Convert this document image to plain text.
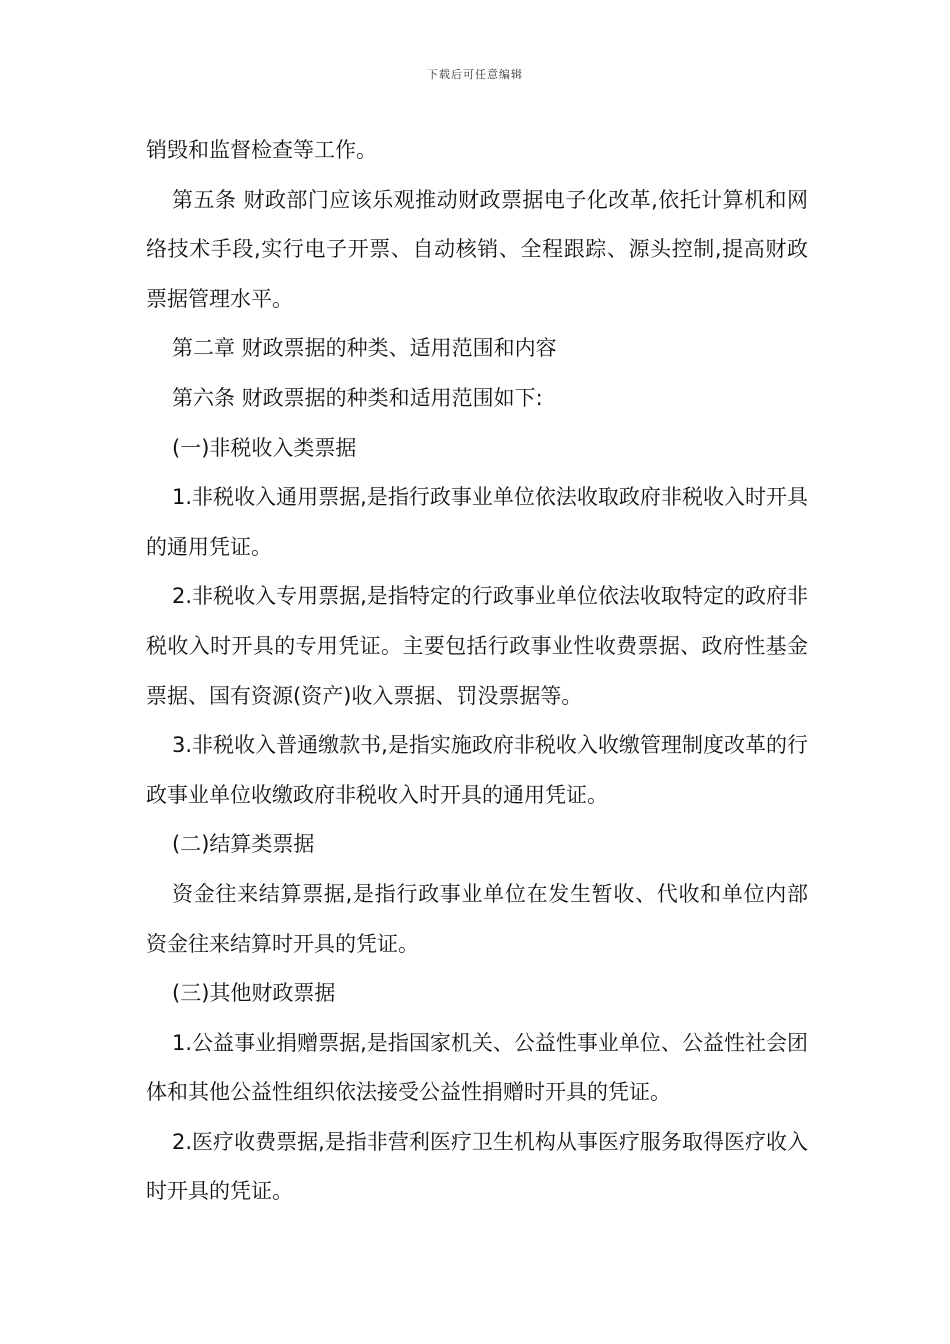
下载后可任意编辑

销毁和监督检查等工作。

第五条 财政部门应该乐观推动财政票据电子化改革,依托计算机和网络技术手段,实行电子开票、自动核销、全程跟踪、源头控制,提高财政票据管理水平。

第二章 财政票据的种类、适用范围和内容

第六条 财政票据的种类和适用范围如下:

(一)非税收入类票据

1.非税收入通用票据,是指行政事业单位依法收取政府非税收入时开具的通用凭证。

2.非税收入专用票据,是指特定的行政事业单位依法收取特定的政府非税收入时开具的专用凭证。主要包括行政事业性收费票据、政府性基金票据、国有资源(资产)收入票据、罚没票据等。

3.非税收入普通缴款书,是指实施政府非税收入收缴管理制度改革的行政事业单位收缴政府非税收入时开具的通用凭证。

(二)结算类票据

资金往来结算票据,是指行政事业单位在发生暂收、代收和单位内部资金往来结算时开具的凭证。

(三)其他财政票据

1.公益事业捐赠票据,是指国家机关、公益性事业单位、公益性社会团体和其他公益性组织依法接受公益性捐赠时开具的凭证。

2.医疗收费票据,是指非营利医疗卫生机构从事医疗服务取得医疗收入时开具的凭证。
